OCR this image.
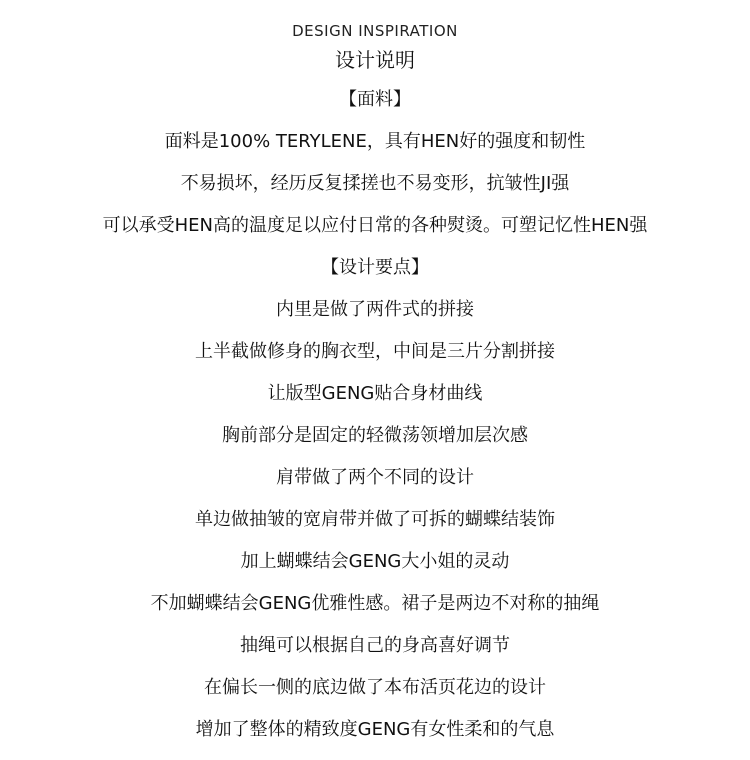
DESIGN INSPIRATION
设计说明
【面料】
面料是100% TERYLENE，具有HEN好的强度和韧性
不易损坏，经历反复揉搓也不易变形，抗皱性JI强
可以承受HEN高的温度足以应付日常的各种熨烫。可塑记忆性HEN强
【设计要点】
内里是做了两件式的拼接
上半截做修身的胸衣型，中间是三片分割拼接
让版型GENG贴合身材曲线
胸前部分是固定的轻微荡领增加层次感
肩带做了两个不同的设计
单边做抽皱的宽肩带并做了可拆的蝴蝶结装饰
加上蝴蝶结会GENG大小姐的灵动
不加蝴蝶结会GENG优雅性感。裙子是两边不对称的抽绳
抽绳可以根据自己的身高喜好调节
在偏长一侧的底边做了本布活页花边的设计
增加了整体的精致度GENG有女性柔和的气息
